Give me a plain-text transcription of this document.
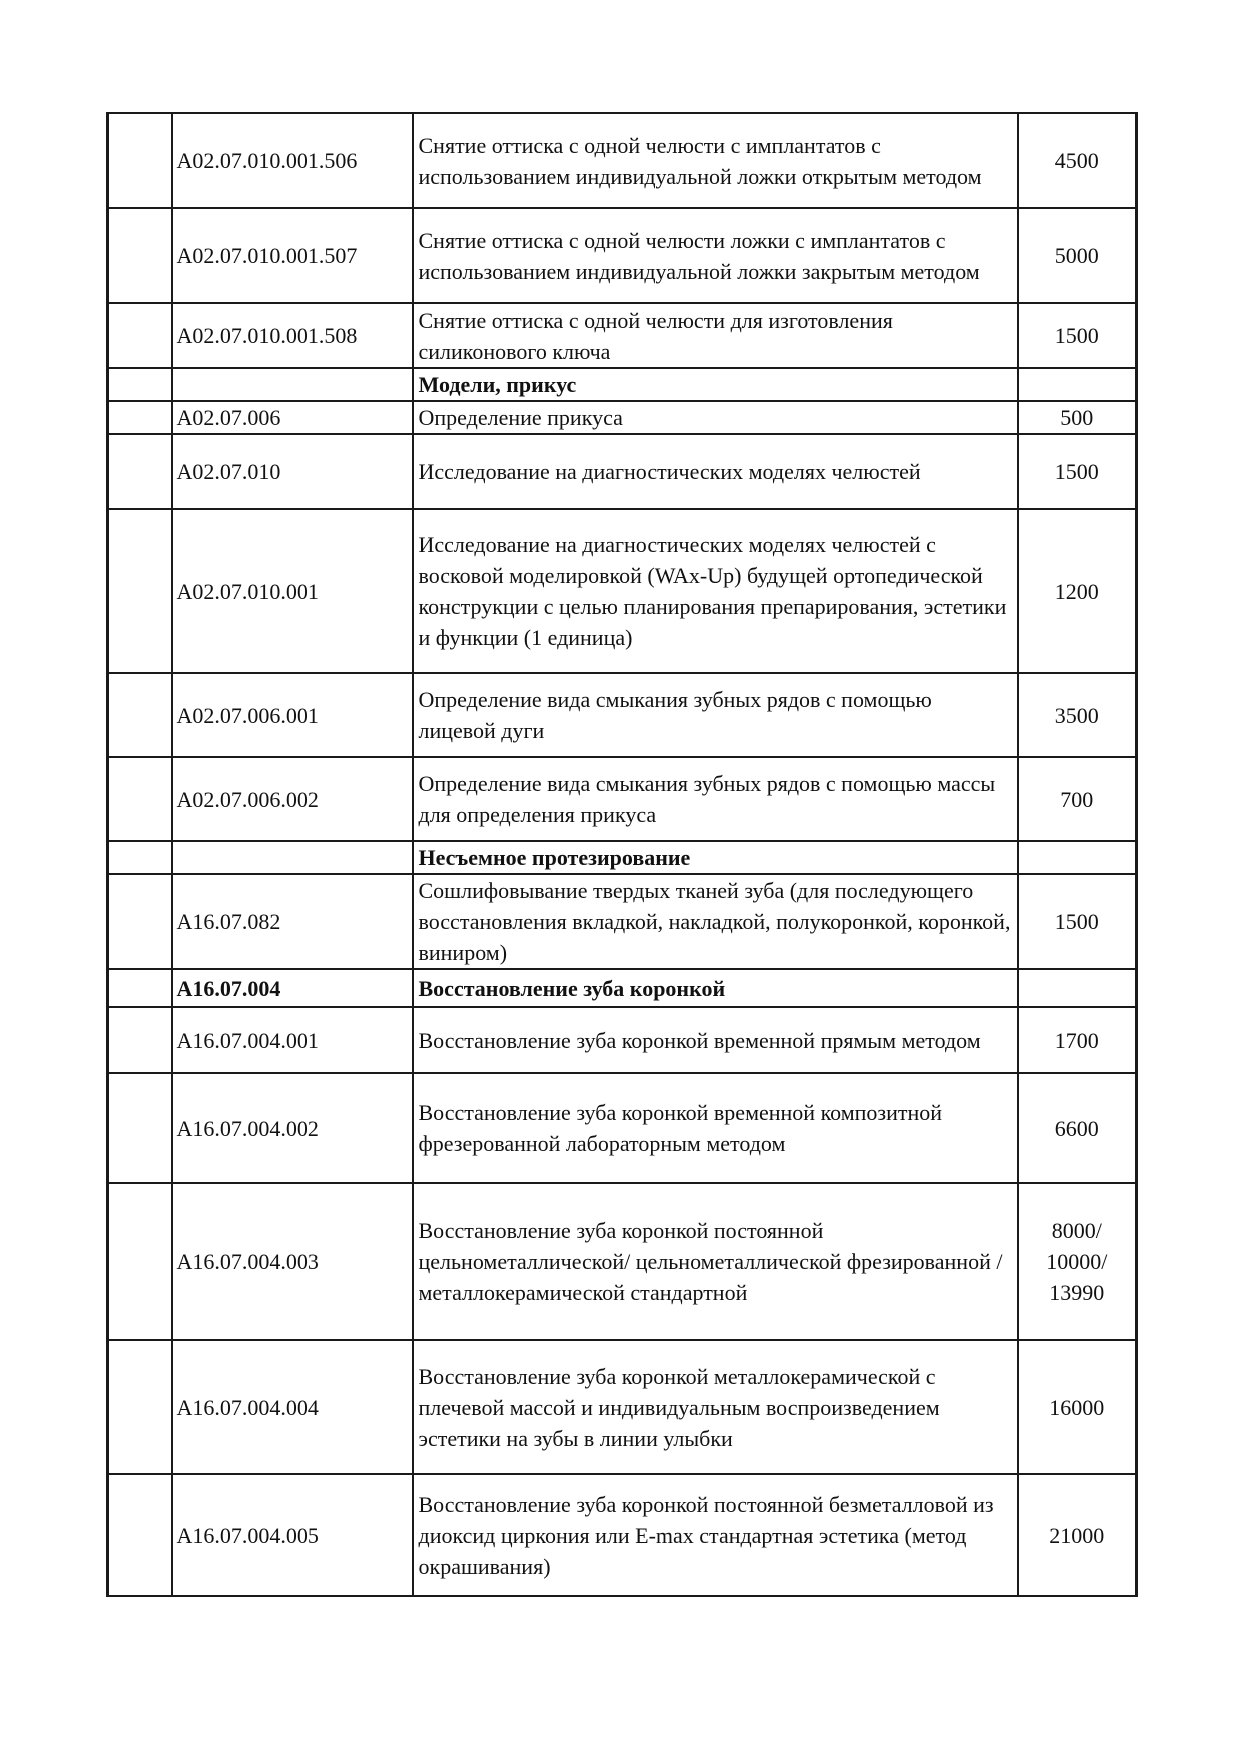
	A02.07.010.001.506	Снятие оттиска с одной челюсти с имплантатов с использованием индивидуальной ложки открытым методом	4500
	A02.07.010.001.507	Снятие оттиска с одной челюсти ложки с имплантатов с использованием индивидуальной ложки закрытым методом	5000
	A02.07.010.001.508	Снятие оттиска с одной челюсти для изготовления силиконового ключа	1500
		Модели, прикус	
	A02.07.006	Определение прикуса	500
	A02.07.010	Исследование на диагностических моделях челюстей	1500
	A02.07.010.001	Исследование на диагностических моделях челюстей с восковой моделировкой (WAx-Up) будущей ортопедической конструкции с целью планирования препарирования, эстетики и функции (1 единица)	1200
	A02.07.006.001	Определение вида смыкания зубных рядов с помощью лицевой дуги	3500
	A02.07.006.002	Определение вида смыкания зубных рядов с помощью массы для определения прикуса	700
		Несъемное протезирование	
	A16.07.082	Сошлифовывание твердых тканей зуба (для последующего восстановления вкладкой, накладкой, полукоронкой, коронкой, виниром)	1500
	A16.07.004	Восстановление зуба коронкой	
	A16.07.004.001	Восстановление зуба коронкой временной прямым методом	1700
	A16.07.004.002	Восстановление зуба коронкой временной композитной фрезерованной лабораторным методом	6600
	A16.07.004.003	Восстановление зуба коронкой постоянной цельнометаллической/ цельнометаллической фрезированной / металлокерамической стандартной	8000/
10000/
13990

	A16.07.004.004	Восстановление зуба коронкой металлокерамической с плечевой массой и индивидуальным воспроизведением эстетики на зубы в линии улыбки	16000
	A16.07.004.005	Восстановление зуба коронкой постоянной безметалловой из диоксид циркония или E-max стандартная эстетика (метод окрашивания)	21000
